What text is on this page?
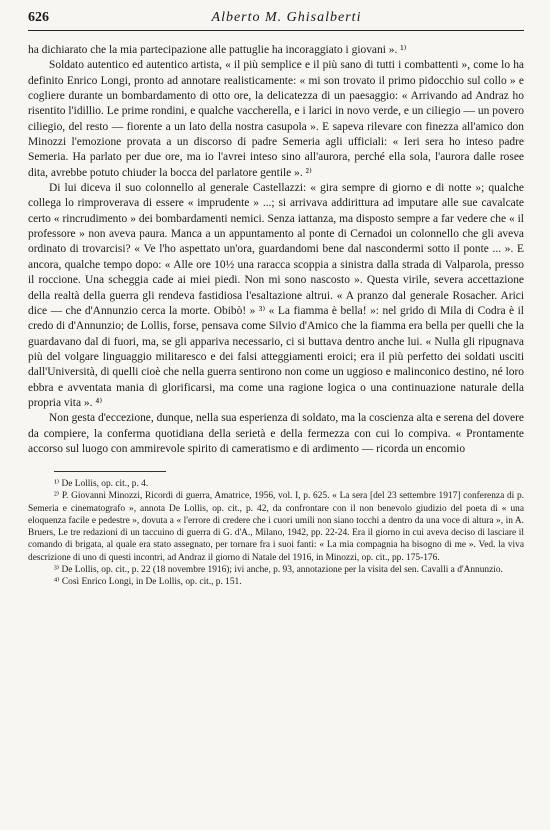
626	Alberto M. Ghisalberti

ha dichiarato che la mia partecipazione alle pattuglie ha incoraggiato i giovani ». ¹⁾

Soldato autentico ed autentico artista, « il più semplice e il più sano di tutti i combattenti », come lo ha definito Enrico Longi, pronto ad annotare realisticamente: « mi son trovato il primo pidocchio sul collo » e cogliere durante un bombardamento di otto ore, la delicatezza di un paesaggio: « Arrivando ad Andraz ho risentito l'idillio. Le prime rondini, e qualche vaccherella, e i larici in novo verde, e un ciliegio — un povero ciliegio, del resto — fiorente a un lato della nostra casupola ». E sapeva rilevare con finezza all'amico don Minozzi l'emozione provata a un discorso di padre Semeria agli ufficiali: « Ieri sera ho inteso padre Semeria. Ha parlato per due ore, ma io l'avrei inteso sino all'aurora, perché ella sola, l'aurora dalle rosee dita, avrebbe potuto chiuder la bocca del parlatore gentile ». ²⁾

Di lui diceva il suo colonnello al generale Castellazzi: « gira sempre di giorno e di notte »; qualche collega lo rimproverava di essere « imprudente » ...; si arrivava addirittura ad imputare alle sue cavalcate certo « rincrudimento » dei bombardamenti nemici. Senza iattanza, ma disposto sempre a far vedere che « il professore » non aveva paura. Manca a un appuntamento al ponte di Cernadoi un colonnello che gli aveva ordinato di trovarcisi? « Ve l'ho aspettato un'ora, guardandomi bene dal nascondermi sotto il ponte ... ». E ancora, qualche tempo dopo: « Alle ore 10½ una raracca scoppia a sinistra dalla strada di Valparola, presso il roccione. Una scheggia cade ai miei piedi. Non mi sono nascosto ». Questa virile, severa accettazione della realtà della guerra gli rendeva fastidiosa l'esaltazione altrui. « A pranzo dal generale Rosacher. Arici dice — che d'Annunzio cerca la morte. Obibò! » ³⁾ « La fiamma è bella! »: nel grido di Mila di Codra è il credo di d'Annunzio; de Lollis, forse, pensava come Silvio d'Amico che la fiamma era bella per quelli che la guardavano dal di fuori, ma, se gli appariva necessario, ci si buttava dentro anche lui. « Nulla gli ripugnava più del volgare linguaggio militaresco e dei falsi atteggiamenti eroici; era il più perfetto dei soldati usciti dall'Università, di quelli cioè che nella guerra sentirono non come un uggioso e malinconico destino, né loro ebbra e avventata mania di glorificarsi, ma come una ragione logica o una continuazione naturale della propria vita ». ⁴⁾

Non gesta d'eccezione, dunque, nella sua esperienza di soldato, ma la coscienza alta e serena del dovere da compiere, la conferma quotidiana della serietà e della fermezza con cui lo compiva. « Prontamente accorso sul luogo con ammirevole spirito di cameratismo e di ardimento — ricorda un encomio

¹⁾ De Lollis, op. cit., p. 4.

²⁾ P. Giovanni Minozzi, Ricordi di guerra, Amatrice, 1956, vol. I, p. 625. « La sera [del 23 settembre 1917] conferenza di p. Semeria e cinematografo », annota De Lollis, op. cit., p. 42, da confrontare con il non benevolo giudizio del poeta di « una eloquenza facile e pedestre », dovuta a « l'errore di credere che i cuori umili non siano tocchi a dentro da una voce di altura », in A. Bruers, Le tre redazioni di un taccuino di guerra di G. d'A., Milano, 1942, pp. 22-24. Era il giorno in cui aveva deciso di lasciare il comando di brigata, al quale era stato assegnato, per tornare fra i suoi fanti: « La mia compagnia ha bisogno di me ». Ved. la viva descrizione di uno di questi incontri, ad Andraz il giorno di Natale del 1916, in Minozzi, op. cit., pp. 175-176.

³⁾ De Lollis, op. cit., p. 22 (18 novembre 1916); ivi anche, p. 93, annotazione per la visita del sen. Cavalli a d'Annunzio.

⁴⁾ Così Enrico Longi, in De Lollis, op. cit., p. 151.
